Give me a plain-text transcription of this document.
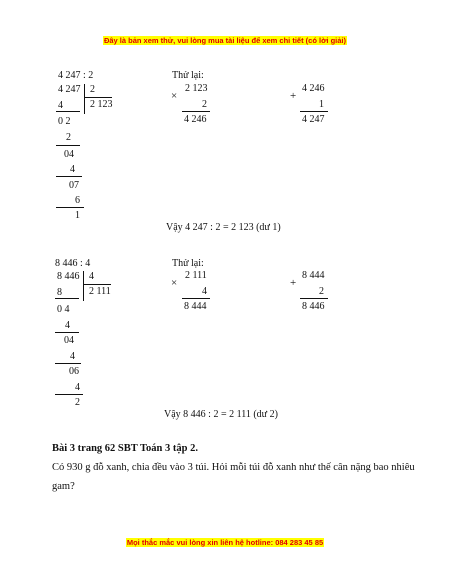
Đây là bản xem thử, vui lòng mua tài liệu để xem chi tiết (có lời giải)
4 247 : 2
4 247 2
2 123
4
0 2
2
04
4
07
6
1
Thử lại:
2 123
×
2
4 246
4 246
+
1
4 247
Vậy 4 247 : 2 = 2 123 (dư 1)
8 446 : 4
8 446 4
2 111
8
0 4
4
04
4
06
4
2
Thử lại:
2 111
×
4
8 444
8 444
+
2
8 446
Vậy 8 446 : 2 = 2 111 (dư 2)
Bài 3 trang 62 SBT Toán 3 tập 2.
Có 930 g đỗ xanh, chia đều vào 3 túi. Hỏi mỗi túi đỗ xanh như thế cân nặng bao nhiêu gam?
Mọi thắc mắc vui lòng xin liên hệ hotline: 084 283 45 85
